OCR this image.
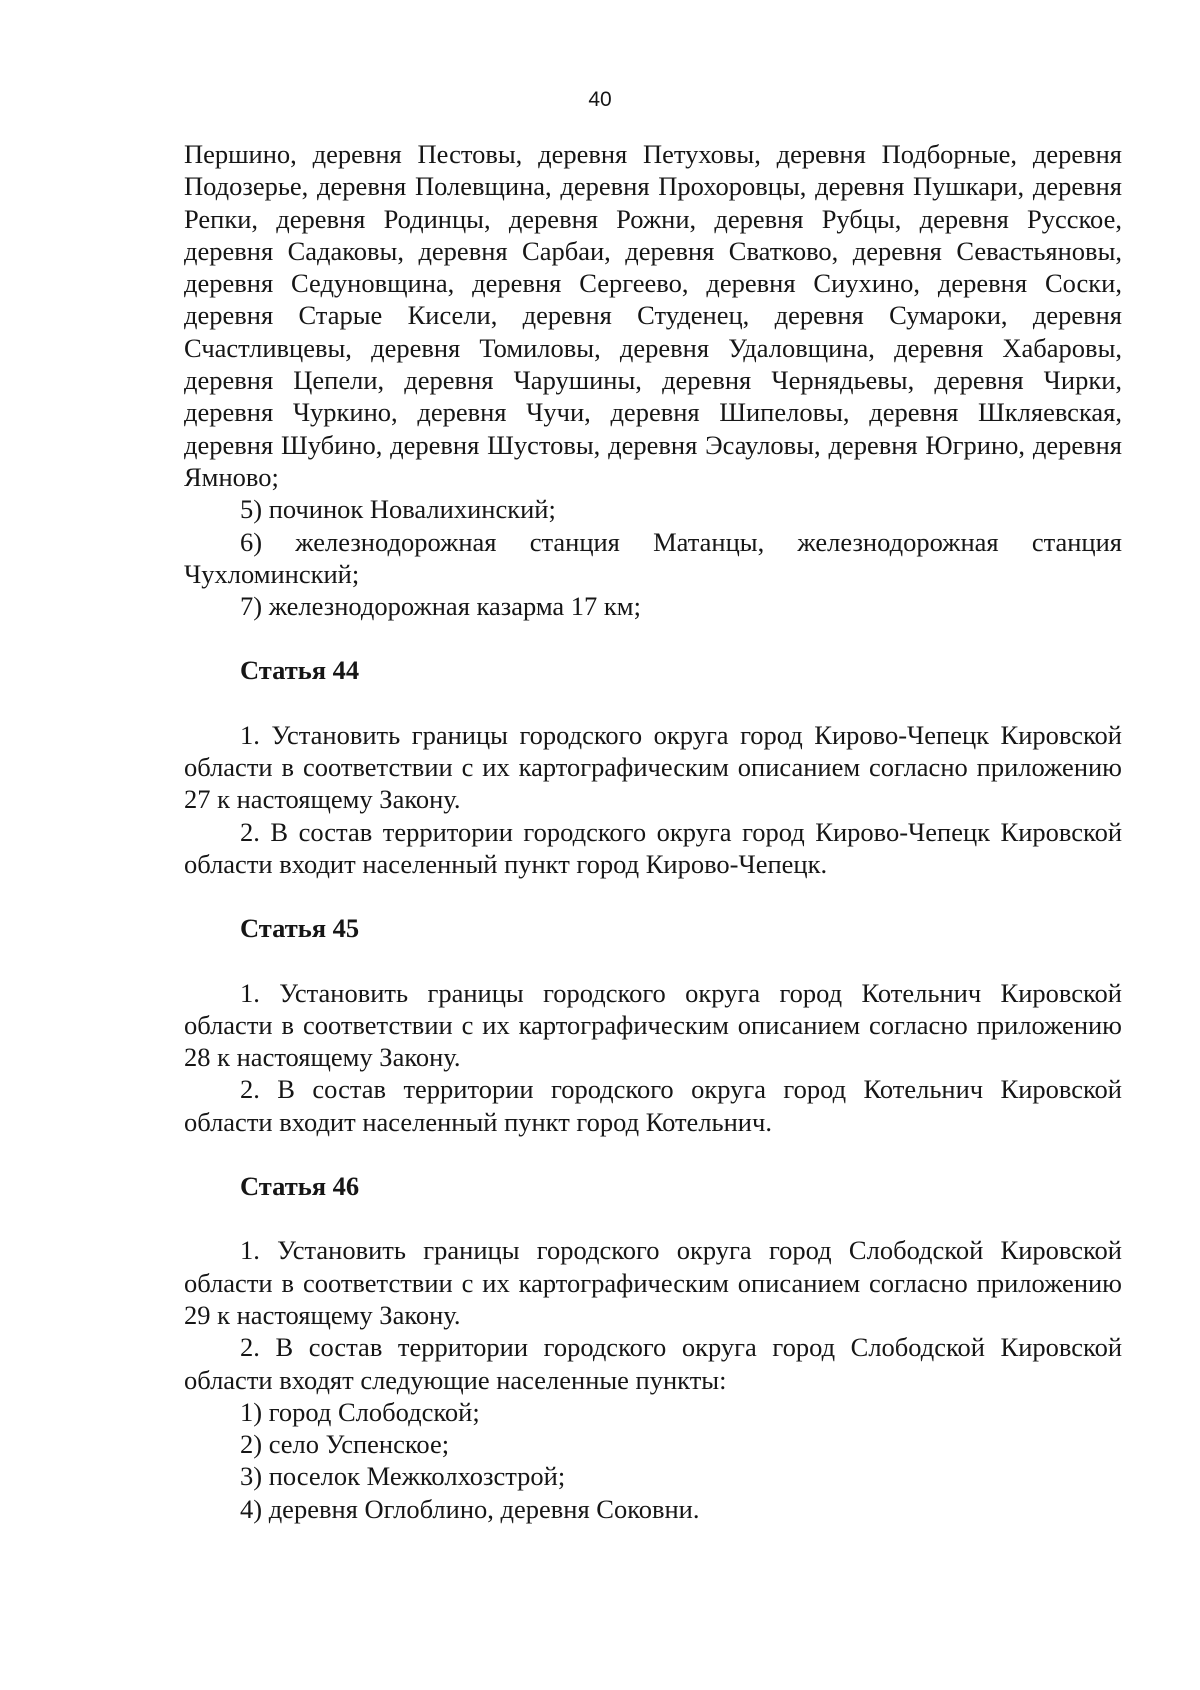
40

Першино, деревня Пестовы, деревня Петуховы, деревня Подборные, деревня Подозерье, деревня Полевщина, деревня Прохоровцы, деревня Пушкари, деревня Репки, деревня Родинцы, деревня Рожни, деревня Рубцы, деревня Русское, деревня Садаковы, деревня Сарбаи, деревня Сватково, деревня Севастьяновы, деревня Седуновщина, деревня Сергеево, деревня Сиухино, деревня Соски, деревня Старые Кисели, деревня Студенец, деревня Сумароки, деревня Счастливцевы, деревня Томиловы, деревня Удаловщина, деревня Хабаровы, деревня Цепели, деревня Чарушины, деревня Чернядьевы, деревня Чирки, деревня Чуркино, деревня Чучи, деревня Шипеловы, деревня Шкляевская, деревня Шубино, деревня Шустовы, деревня Эсауловы, деревня Югрино, деревня Ямново;

5) починок Новалихинский;

6) железнодорожная станция Матанцы, железнодорожная станция Чухломинский;

7) железнодорожная казарма 17 км;

Статья 44

1. Установить границы городского округа город Кирово-Чепецк Кировской области в соответствии с их картографическим описанием согласно приложению 27 к настоящему Закону.

2. В состав территории городского округа город Кирово-Чепецк Кировской области входит населенный пункт город Кирово-Чепецк.

Статья 45

1. Установить границы городского округа город Котельнич Кировской области в соответствии с их картографическим описанием согласно приложению 28 к настоящему Закону.

2. В состав территории городского округа город Котельнич Кировской области входит населенный пункт город Котельнич.

Статья 46

1. Установить границы городского округа город Слободской Кировской области в соответствии с их картографическим описанием согласно приложению 29 к настоящему Закону.

2. В состав территории городского округа город Слободской Кировской области входят следующие населенные пункты:

1) город Слободской;

2) село Успенское;

3) поселок Межколхозстрой;

4) деревня Оглоблино, деревня Соковни.
